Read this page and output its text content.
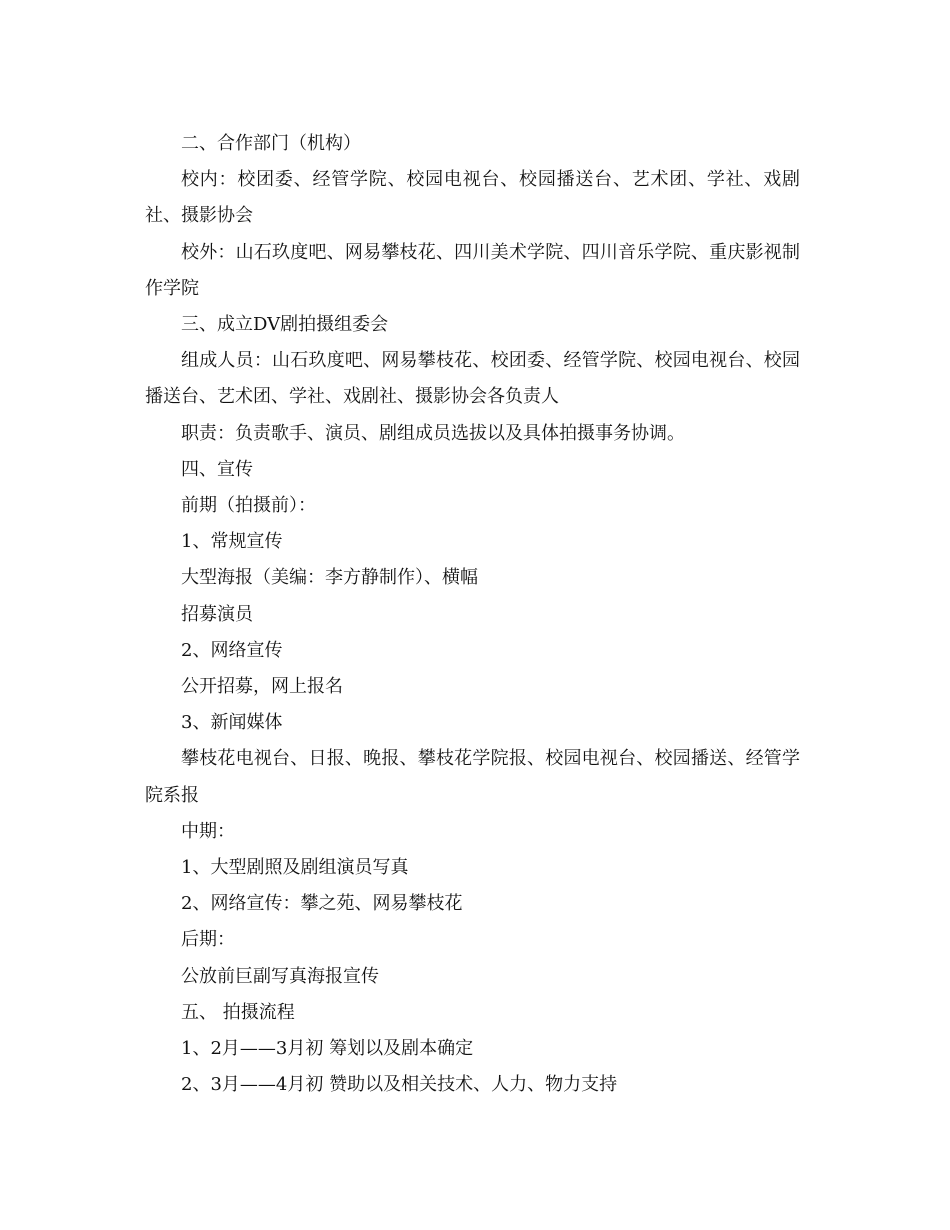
二、合作部门（机构）

校内：校团委、经管学院、校园电视台、校园播送台、艺术团、学社、戏剧社、摄影协会

校外：山石玖度吧、网易攀枝花、四川美术学院、四川音乐学院、重庆影视制作学院

三、成立DV剧拍摄组委会

组成人员：山石玖度吧、网易攀枝花、校团委、经管学院、校园电视台、校园播送台、艺术团、学社、戏剧社、摄影协会各负责人

职责：负责歌手、演员、剧组成员选拔以及具体拍摄事务协调。

四、宣传

前期（拍摄前）：

1、常规宣传

大型海报（美编：李方静制作）、横幅

招募演员

2、网络宣传

公开招募，网上报名

3、新闻媒体

攀枝花电视台、日报、晚报、攀枝花学院报、校园电视台、校园播送、经管学院系报

中期：

1、大型剧照及剧组演员写真

2、网络宣传：攀之苑、网易攀枝花

后期：

公放前巨副写真海报宣传

五、 拍摄流程

1、2月——3月初 筹划以及剧本确定

2、3月——4月初 赞助以及相关技术、人力、物力支持
